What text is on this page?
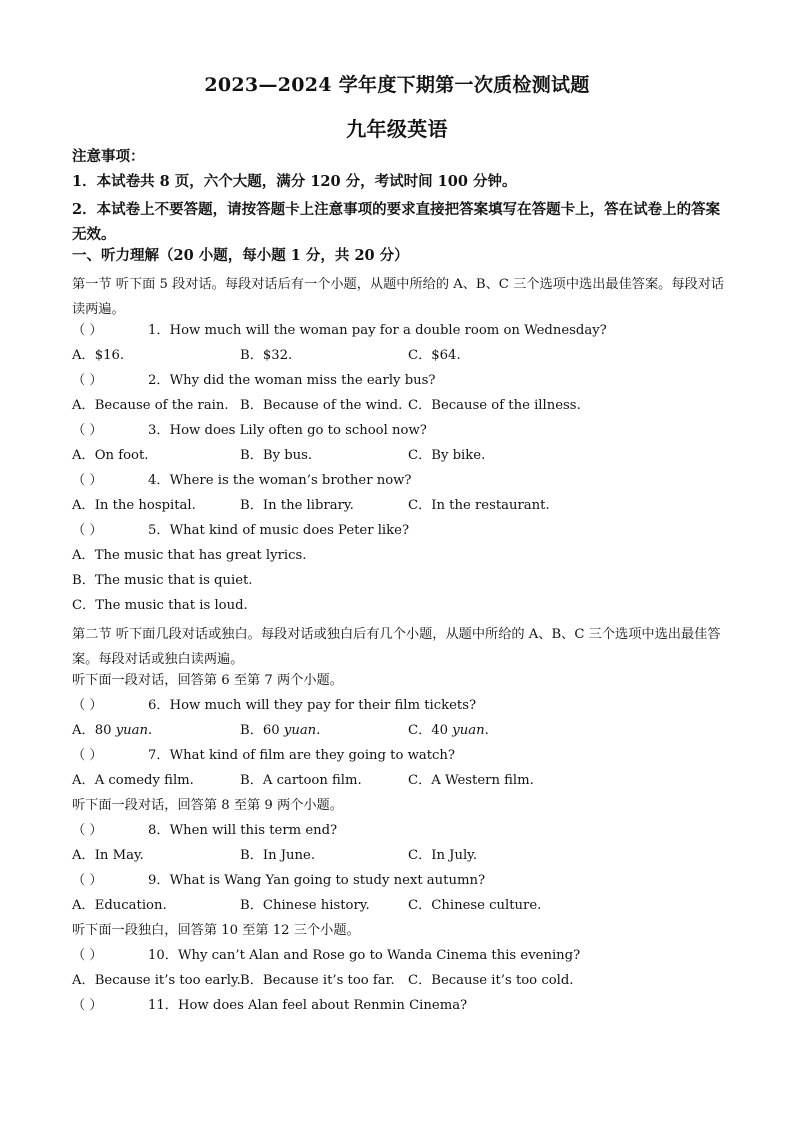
2023—2024 学年度下期第一次质检测试题
九年级英语
注意事项：
1．本试卷共 8 页，六个大题，满分 120 分，考试时间 100 分钟。
2．本试卷上不要答题，请按答题卡上注意事项的要求直接把答案填写在答题卡上，答在试卷上的答案无效。
一、听力理解（20 小题，每小题 1 分，共 20 分）
第一节 听下面 5 段对话。每段对话后有一个小题，从题中所给的 A、B、C 三个选项中选出最佳答案。每段对话读两遍。
（ ）	1．How much will the woman pay for a double room on Wednesday?
A．$16.	B．$32.	C．$64.
（ ）	2．Why did the woman miss the early bus?
A．Because of the rain. B．Because of the wind. C．Because of the illness.
（ ）	3．How does Lily often go to school now?
A．On foot.	B．By bus.	C．By bike.
（ ）	4．Where is the woman’s brother now?
A．In the hospital.	B．In the library.	C．In the restaurant.
（ ）	5．What kind of music does Peter like?
A．The music that has great lyrics.
B．The music that is quiet.
C．The music that is loud.
第二节 听下面几段对话或独白。每段对话或独白后有几个小题，从题中所给的 A、B、C 三个选项中选出最佳答案。每段对话或独白读两遍。
听下面一段对话，回答第 6 至第 7 两个小题。
（ ）	6．How much will they pay for their film tickets?
A．80 yuan.	B．60 yuan.	C．40 yuan.
（ ）	7．What kind of film are they going to watch?
A．A comedy film.	B．A cartoon film.	C．A Western film.
听下面一段对话，回答第 8 至第 9 两个小题。
（ ）	8．When will this term end?
A．In May.	B．In June.	C．In July.
（ ）	9．What is Wang Yan going to study next autumn?
A．Education.	B．Chinese history.	C．Chinese culture.
听下面一段独白，回答第 10 至第 12 三个小题。
（ ）	10．Why can’t Alan and Rose go to Wanda Cinema this evening?
A．Because it’s too early. B．Because it’s too far. C．Because it’s too cold.
（ ）	11．How does Alan feel about Renmin Cinema?
